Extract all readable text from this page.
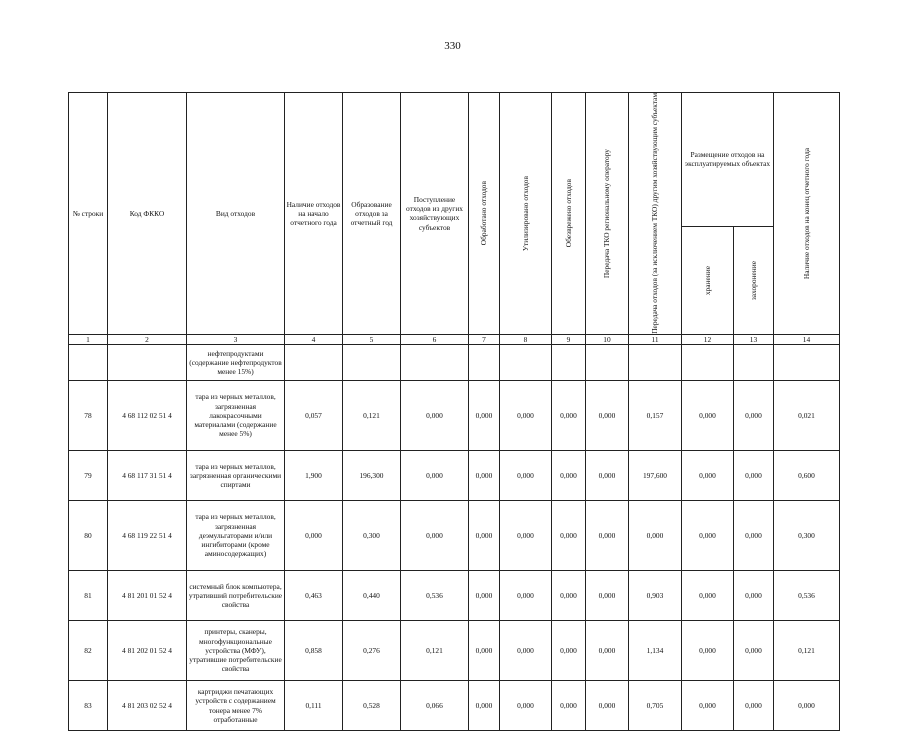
330
№ строки	Код ФККО	Вид отходов	Наличие отходов на начало отчетного года	Образование отходов за отчетный год	Поступление отходов из других хозяйствующих субъектов	Обработано отходов	Утилизировано отходов	Обезврежено отходов	Передача ТКО региональному оператору	Передача отходов (за исключением ТКО) другим хозяйствующим субъектам	Размещение отходов на эксплуатируемых объектах		Наличие отходов на конец отчетного года

											хранение	захоронение	

1	2	3	4	5	6	7	8	9	10	11	12	13	14
		нефтепродуктами (содержание нефтепродуктов менее 15%)											
78	4 68 112 02 51 4	тара из черных металлов, загрязненная лакокрасочными материалами (содержание менее 5%)	0,057	0,121	0,000	0,000	0,000	0,000	0,000	0,157	0,000	0,000	0,021
79	4 68 117 31 51 4	тара из черных металлов, загрязненная органическими спиртами	1,900	196,300	0,000	0,000	0,000	0,000	0,000	197,600	0,000	0,000	0,600
80	4 68 119 22 51 4	тара из черных металлов, загрязненная деэмульгаторами и/или ингибиторами (кроме аминосодержащих)	0,000	0,300	0,000	0,000	0,000	0,000	0,000	0,000	0,000	0,000	0,300
81	4 81 201 01 52 4	системный блок компьютера, утративший потребительские свойства	0,463	0,440	0,536	0,000	0,000	0,000	0,000	0,903	0,000	0,000	0,536
82	4 81 202 01 52 4	принтеры, сканеры, многофункциональные устройства (МФУ), утратившие потребительские свойства	0,858	0,276	0,121	0,000	0,000	0,000	0,000	1,134	0,000	0,000	0,121
83	4 81 203 02 52 4	картриджи печатающих устройств с содержанием тонера менее 7% отработанные	0,111	0,528	0,066	0,000	0,000	0,000	0,000	0,705	0,000	0,000	0,000
